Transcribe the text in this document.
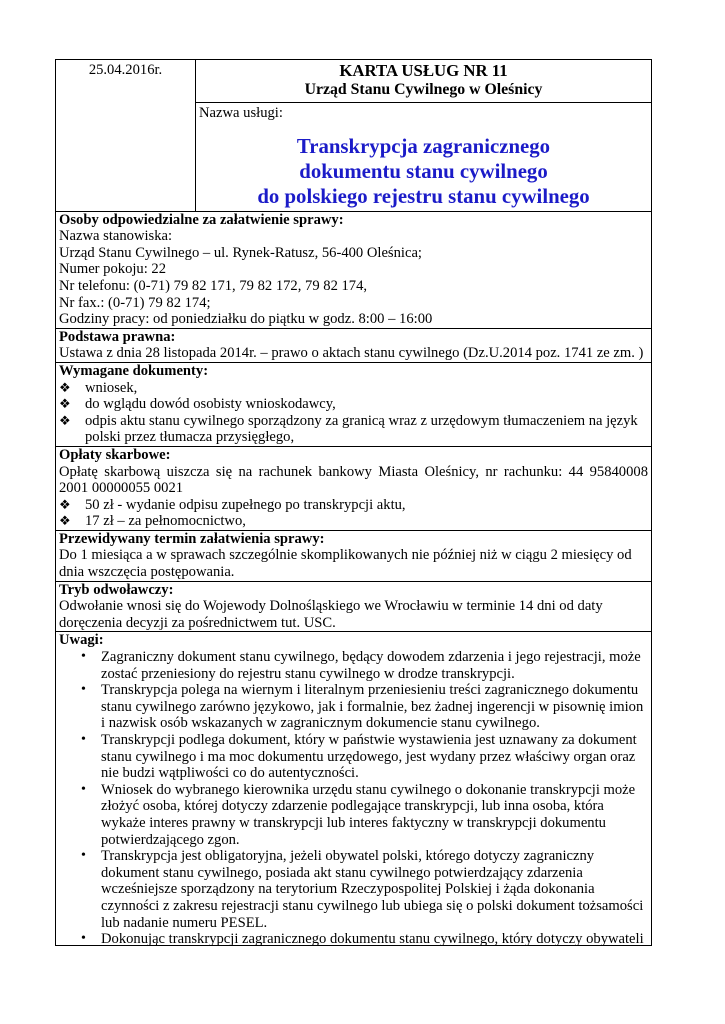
25.04.2016r.	KARTA USŁUG NR 11
Urząd Stanu Cywilnego w Oleśnicy

Nazwa usługi:
Transkrypcja zagranicznego
dokumentu stanu cywilnego
do polskiego rejestru stanu cywilnego

Osoby odpowiedzialne za załatwienie sprawy:

Nazwa stanowiska:

Urząd Stanu Cywilnego – ul. Rynek-Ratusz, 56-400 Oleśnica;

Numer pokoju: 22

Nr telefonu: (0-71) 79 82 171, 79 82 172, 79 82 174,

Nr fax.: (0-71) 79 82 174;

Godziny pracy: od poniedziałku do piątku w godz. 8:00 – 16:00

Podstawa prawna:

Ustawa z dnia 28 listopada 2014r. – prawo o aktach stanu cywilnego (Dz.U.2014 poz. 1741 ze zm. )

Wymagane dokumenty:
❖ wniosek,
❖ do wglądu dowód osobisty wnioskodawcy,
❖ odpis aktu stanu cywilnego sporządzony za granicą wraz z urzędowym tłumaczeniem na język polski przez tłumacza przysięgłego,

Opłaty skarbowe:

Opłatę skarbową uiszcza się na rachunek bankowy Miasta Oleśnicy, nr rachunku: 44 95840008 2001 00000055 0021

❖ 50 zł - wydanie odpisu zupełnego po transkrypcji aktu,
❖ 17 zł – za pełnomocnictwo,

Przewidywany termin załatwienia sprawy:

Do 1 miesiąca a w sprawach szczególnie skomplikowanych nie później niż w ciągu 2 miesięcy od dnia wszczęcia postępowania.

Tryb odwoławczy:

Odwołanie wnosi się do Wojewody Dolnośląskiego we Wrocławiu w terminie 14 dni od daty doręczenia decyzji za pośrednictwem tut. USC.

Uwagi:
• Zagraniczny dokument stanu cywilnego, będący dowodem zdarzenia i jego rejestracji, może zostać przeniesiony do rejestru stanu cywilnego w drodze transkrypcji.
• Transkrypcja polega na wiernym i literalnym przeniesieniu treści zagranicznego dokumentu stanu cywilnego zarówno językowo, jak i formalnie, bez żadnej ingerencji w pisownię imion i nazwisk osób wskazanych w zagranicznym dokumencie stanu cywilnego.
• Transkrypcji podlega dokument, który w państwie wystawienia jest uznawany za dokument stanu cywilnego i ma moc dokumentu urzędowego, jest wydany przez właściwy organ oraz nie budzi wątpliwości co do autentyczności.
• Wniosek do wybranego kierownika urzędu stanu cywilnego o dokonanie transkrypcji może złożyć osoba, której dotyczy zdarzenie podlegające transkrypcji, lub inna osoba, która wykaże interes prawny w transkrypcji lub interes faktyczny w transkrypcji dokumentu potwierdzającego zgon.
• Transkrypcja jest obligatoryjna, jeżeli obywatel polski, którego dotyczy zagraniczny dokument stanu cywilnego, posiada akt stanu cywilnego potwierdzający zdarzenia wcześniejsze sporządzony na terytorium Rzeczypospolitej Polskiej i żąda dokonania czynności z zakresu rejestracji stanu cywilnego lub ubiega się o polski dokument tożsamości lub nadanie numeru PESEL.
• Dokonując transkrypcji zagranicznego dokumentu stanu cywilnego, który dotyczy obywateli
